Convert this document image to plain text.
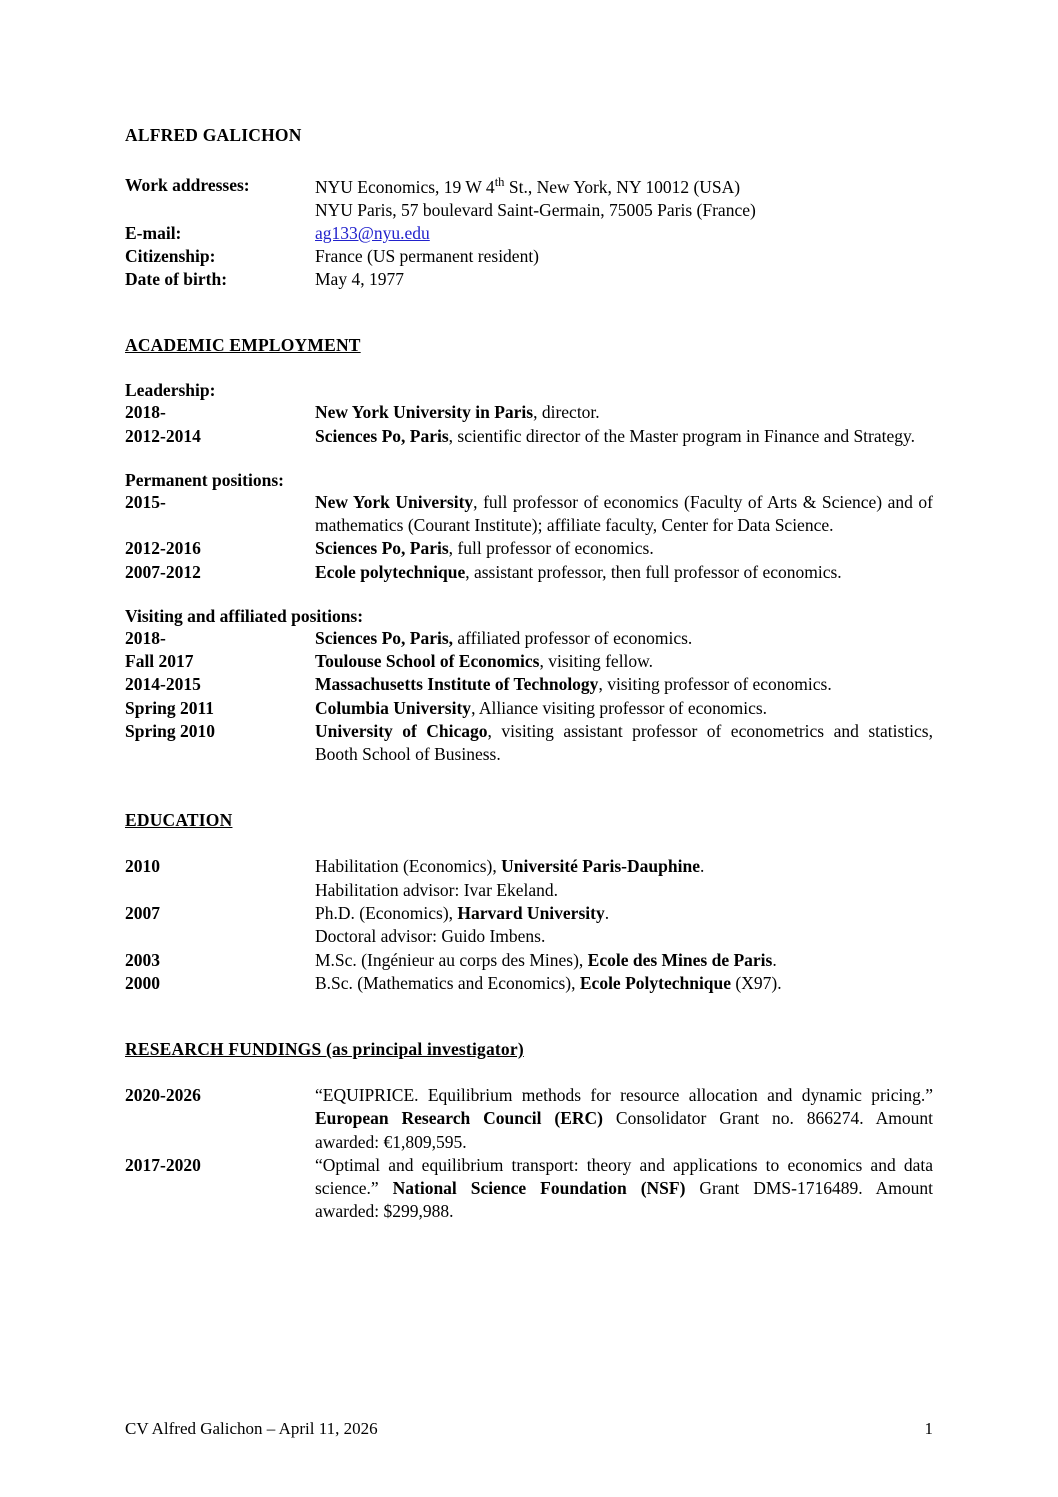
ALFRED GALICHON
Work addresses:	NYU Economics, 19 W 4th St., New York, NY 10012 (USA)
	NYU Paris, 57 boulevard Saint-Germain, 75005 Paris (France)
E-mail:	ag133@nyu.edu
Citizenship:	France (US permanent resident)
Date of birth:	May 4, 1977
ACADEMIC EMPLOYMENT
Leadership:
2018-	New York University in Paris, director.
2012-2014	Sciences Po, Paris, scientific director of the Master program in Finance and Strategy.
Permanent positions:
2015-	New York University, full professor of economics (Faculty of Arts & Science) and of mathematics (Courant Institute); affiliate faculty, Center for Data Science.
2012-2016	Sciences Po, Paris, full professor of economics.
2007-2012	Ecole polytechnique, assistant professor, then full professor of economics.
Visiting and affiliated positions:
2018-	Sciences Po, Paris, affiliated professor of economics.
Fall 2017	Toulouse School of Economics, visiting fellow.
2014-2015	Massachusetts Institute of Technology, visiting professor of economics.
Spring 2011	Columbia University, Alliance visiting professor of economics.
Spring 2010	University of Chicago, visiting assistant professor of econometrics and statistics, Booth School of Business.
EDUCATION
2010	Habilitation (Economics), Université Paris-Dauphine.
	Habilitation advisor: Ivar Ekeland.
2007	Ph.D. (Economics), Harvard University.
	Doctoral advisor: Guido Imbens.
2003	M.Sc. (Ingénieur au corps des Mines), Ecole des Mines de Paris.
2000	B.Sc. (Mathematics and Economics), Ecole Polytechnique (X97).
RESEARCH FUNDINGS (as principal investigator)
2020-2026	“EQUIPRICE. Equilibrium methods for resource allocation and dynamic pricing.” European Research Council (ERC) Consolidator Grant no. 866274. Amount awarded: €1,809,595.
2017-2020	“Optimal and equilibrium transport: theory and applications to economics and data science.” National Science Foundation (NSF) Grant DMS-1716489. Amount awarded: $299,988.
CV Alfred Galichon – April 11, 2026	1
